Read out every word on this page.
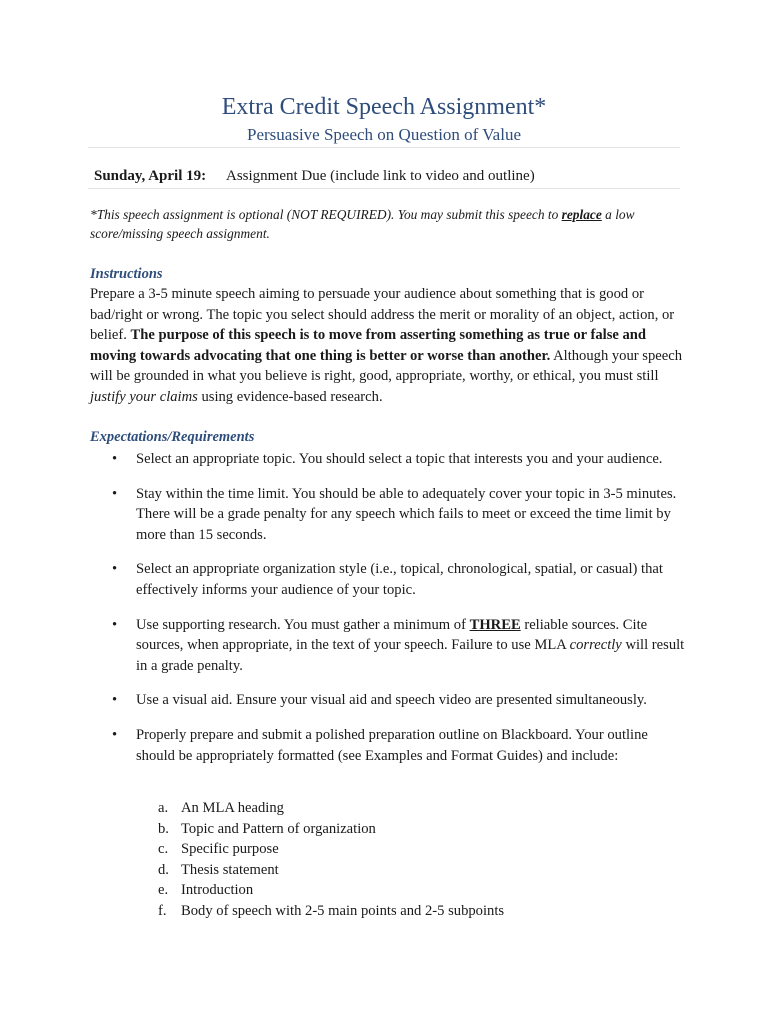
Extra Credit Speech Assignment*
Persuasive Speech on Question of Value
Sunday, April 19: Assignment Due (include link to video and outline)
*This speech assignment is optional (NOT REQUIRED). You may submit this speech to replace a low score/missing speech assignment.
Instructions
Prepare a 3-5 minute speech aiming to persuade your audience about something that is good or bad/right or wrong. The topic you select should address the merit or morality of an object, action, or belief. The purpose of this speech is to move from asserting something as true or false and moving towards advocating that one thing is better or worse than another. Although your speech will be grounded in what you believe is right, good, appropriate, worthy, or ethical, you must still justify your claims using evidence-based research.
Expectations/Requirements
• Select an appropriate topic. You should select a topic that interests you and your audience.
• Stay within the time limit. You should be able to adequately cover your topic in 3-5 minutes. There will be a grade penalty for any speech which fails to meet or exceed the time limit by more than 15 seconds.
• Select an appropriate organization style (i.e., topical, chronological, spatial, or casual) that effectively informs your audience of your topic.
• Use supporting research. You must gather a minimum of THREE reliable sources. Cite sources, when appropriate, in the text of your speech. Failure to use MLA correctly will result in a grade penalty.
• Use a visual aid. Ensure your visual aid and speech video are presented simultaneously.
• Properly prepare and submit a polished preparation outline on Blackboard. Your outline should be appropriately formatted (see Examples and Format Guides) and include:
a. An MLA heading
b. Topic and Pattern of organization
c. Specific purpose
d. Thesis statement
e. Introduction
f. Body of speech with 2-5 main points and 2-5 subpoints
